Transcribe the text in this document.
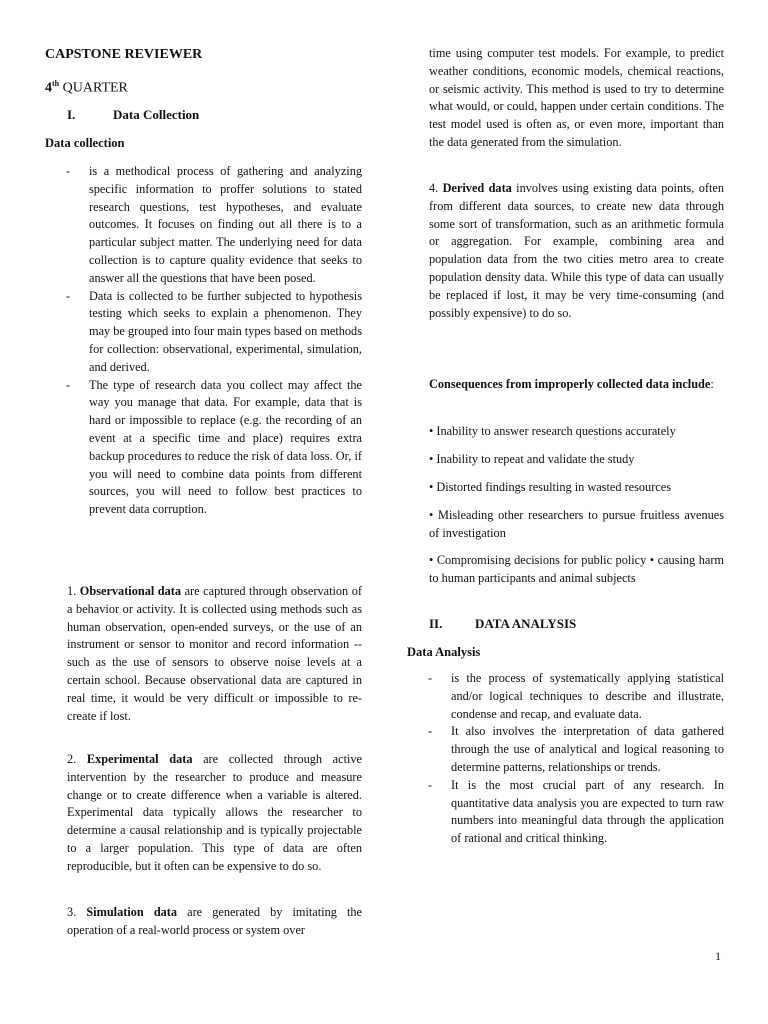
CAPSTONE REVIEWER
4th QUARTER
I.	Data Collection
Data collection
- is a methodical process of gathering and analyzing specific information to proffer solutions to stated research questions, test hypotheses, and evaluate outcomes. It focuses on finding out all there is to a particular subject matter. The underlying need for data collection is to capture quality evidence that seeks to answer all the questions that have been posed.
- Data is collected to be further subjected to hypothesis testing which seeks to explain a phenomenon. They may be grouped into four main types based on methods for collection: observational, experimental, simulation, and derived.
- The type of research data you collect may affect the way you manage that data. For example, data that is hard or impossible to replace (e.g. the recording of an event at a specific time and place) requires extra backup procedures to reduce the risk of data loss. Or, if you will need to combine data points from different sources, you will need to follow best practices to prevent data corruption.

1. Observational data are captured through observation of a behavior or activity. It is collected using methods such as human observation, open-ended surveys, or the use of an instrument or sensor to monitor and record information -- such as the use of sensors to observe noise levels at a certain school. Because observational data are captured in real time, it would be very difficult or impossible to re-create if lost.

2. Experimental data are collected through active intervention by the researcher to produce and measure change or to create difference when a variable is altered. Experimental data typically allows the researcher to determine a causal relationship and is typically projectable to a larger population. This type of data are often reproducible, but it often can be expensive to do so.

3. Simulation data are generated by imitating the operation of a real-world process or system over

time using computer test models. For example, to predict weather conditions, economic models, chemical reactions, or seismic activity. This method is used to try to determine what would, or could, happen under certain conditions. The test model used is often as, or even more, important than the data generated from the simulation.

4. Derived data involves using existing data points, often from different data sources, to create new data through some sort of transformation, such as an arithmetic formula or aggregation. For example, combining area and population data from the two cities metro area to create population density data. While this type of data can usually be replaced if lost, it may be very time-consuming (and possibly expensive) to do so.

Consequences from improperly collected data include:

• Inability to answer research questions accurately

• Inability to repeat and validate the study

• Distorted findings resulting in wasted resources

• Misleading other researchers to pursue fruitless avenues of investigation

• Compromising decisions for public policy • causing harm to human participants and animal subjects

II.	DATA ANALYSIS
Data Analysis
- is the process of systematically applying statistical and/or logical techniques to describe and illustrate, condense and recap, and evaluate data.
- It also involves the interpretation of data gathered through the use of analytical and logical reasoning to determine patterns, relationships or trends.
- It is the most crucial part of any research. In quantitative data analysis you are expected to turn raw numbers into meaningful data through the application of rational and critical thinking.
1
